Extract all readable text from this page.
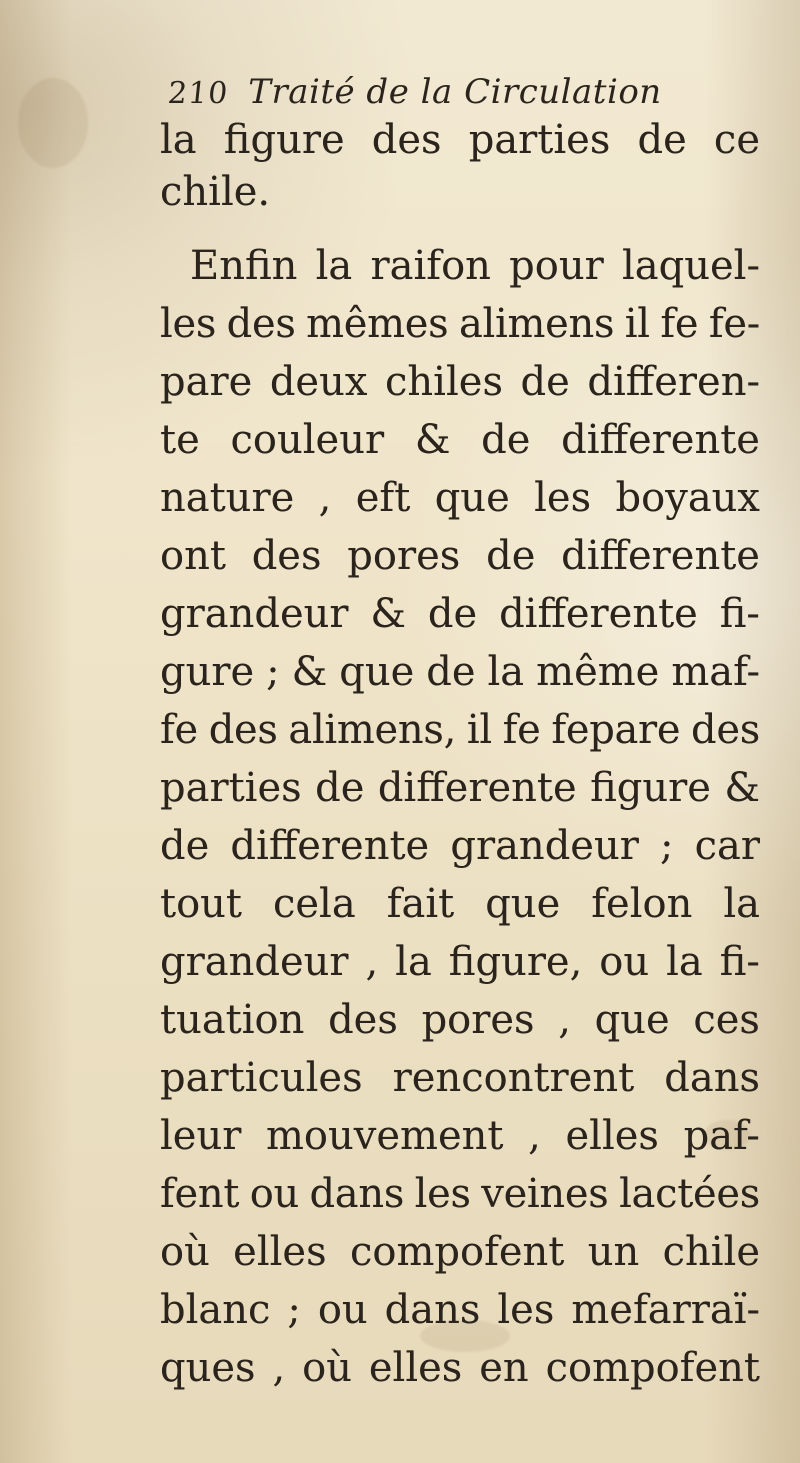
210 Traité de la Circulation
la figure des parties de ce
chile.
Enfin la raifon pour laquel-
les des mêmes alimens il fe fe-
pare deux chiles de differen-
te couleur & de differente
nature , eft que les boyaux
ont des pores de differente
grandeur & de differente fi-
gure ; & que de la même maf-
fe des alimens, il fe fepare des
parties de differente figure &
de differente grandeur ; car
tout cela fait que felon la
grandeur , la figure, ou la fi-
tuation des pores , que ces
particules rencontrent dans
leur mouvement , elles paf-
fent ou dans les veines lactées
où elles compofent un chile
blanc ; ou dans les mefarraï-
ques , où elles en compofent
